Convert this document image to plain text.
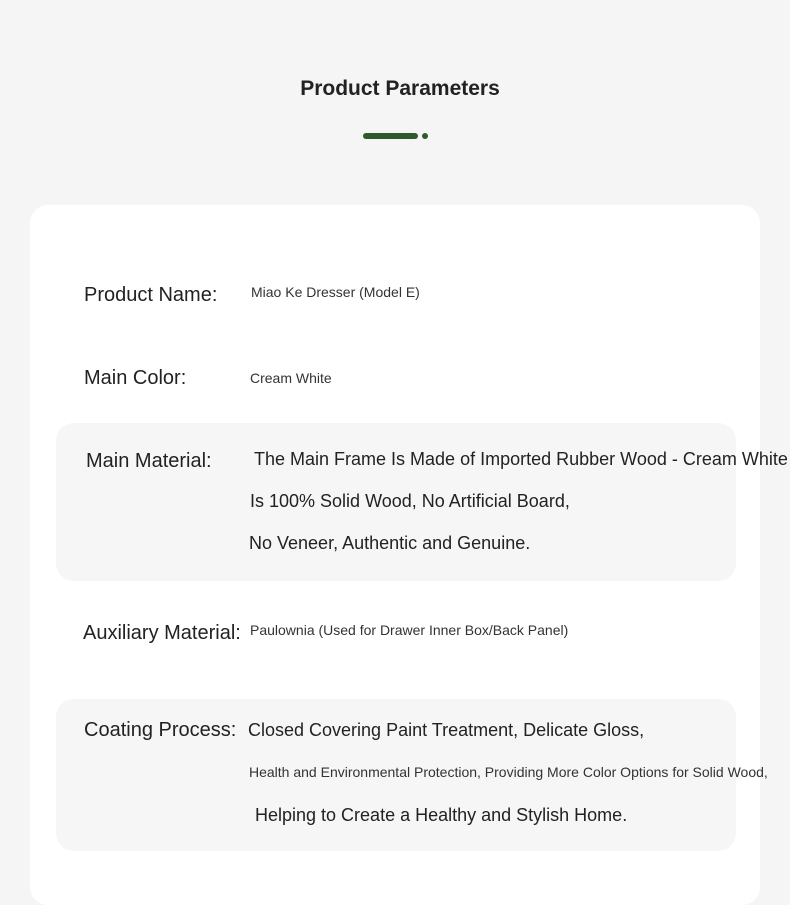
Product Parameters
Product Name: Miao Ke Dresser (Model E)
Main Color:	Cream White
Main Material: The Main Frame Is Made of Imported Rubber Wood - Cream White
Is 100% Solid Wood, No Artificial Board,
No Veneer, Authentic and Genuine.
Auxiliary Material: Paulownia (Used for Drawer Inner Box/Back Panel)
Coating Process: Closed Covering Paint Treatment, Delicate Gloss,
Health and Environmental Protection, Providing More Color Options for Solid Wood,
Helping to Create a Healthy and Stylish Home.
